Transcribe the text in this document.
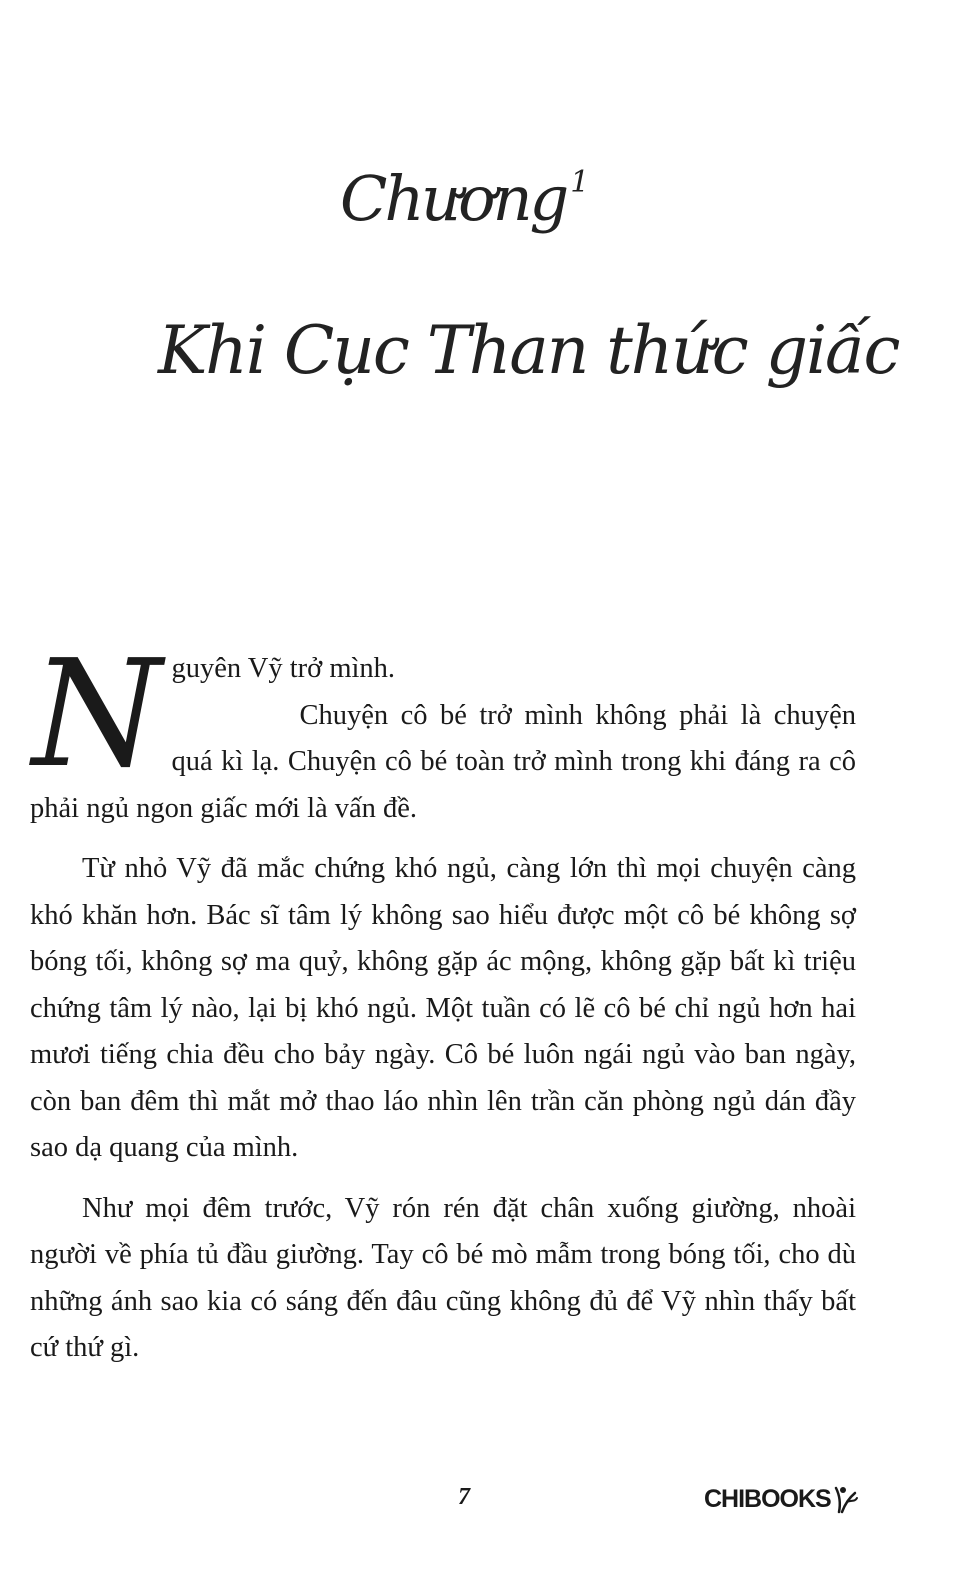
Chương $^1$
Khi Cục Than thức giấc

N guyên Vỹ trở mình.
Chuyện cô bé trở mình không phải là chuyện quá kì lạ. Chuyện cô bé toàn trở mình trong khi đáng ra cô phải ngủ ngon giấc mới là vấn đề.

Từ nhỏ Vỹ đã mắc chứng khó ngủ, càng lớn thì mọi chuyện càng khó khăn hơn. Bác sĩ tâm lý không sao hiểu được một cô bé không sợ bóng tối, không sợ ma quỷ, không gặp ác mộng, không gặp bất kì triệu chứng tâm lý nào, lại bị khó ngủ. Một tuần có lẽ cô bé chỉ ngủ hơn hai mươi tiếng chia đều cho bảy ngày. Cô bé luôn ngái ngủ vào ban ngày, còn ban đêm thì mắt mở thao láo nhìn lên trần căn phòng ngủ dán đầy sao dạ quang của mình.

Như mọi đêm trước, Vỹ rón rén đặt chân xuống giường, nhoài người về phía tủ đầu giường. Tay cô bé mò mẫm trong bóng tối, cho dù những ánh sao kia có sáng đến đâu cũng không đủ để Vỹ nhìn thấy bất cứ thứ gì.

7	CHIBOOKS
